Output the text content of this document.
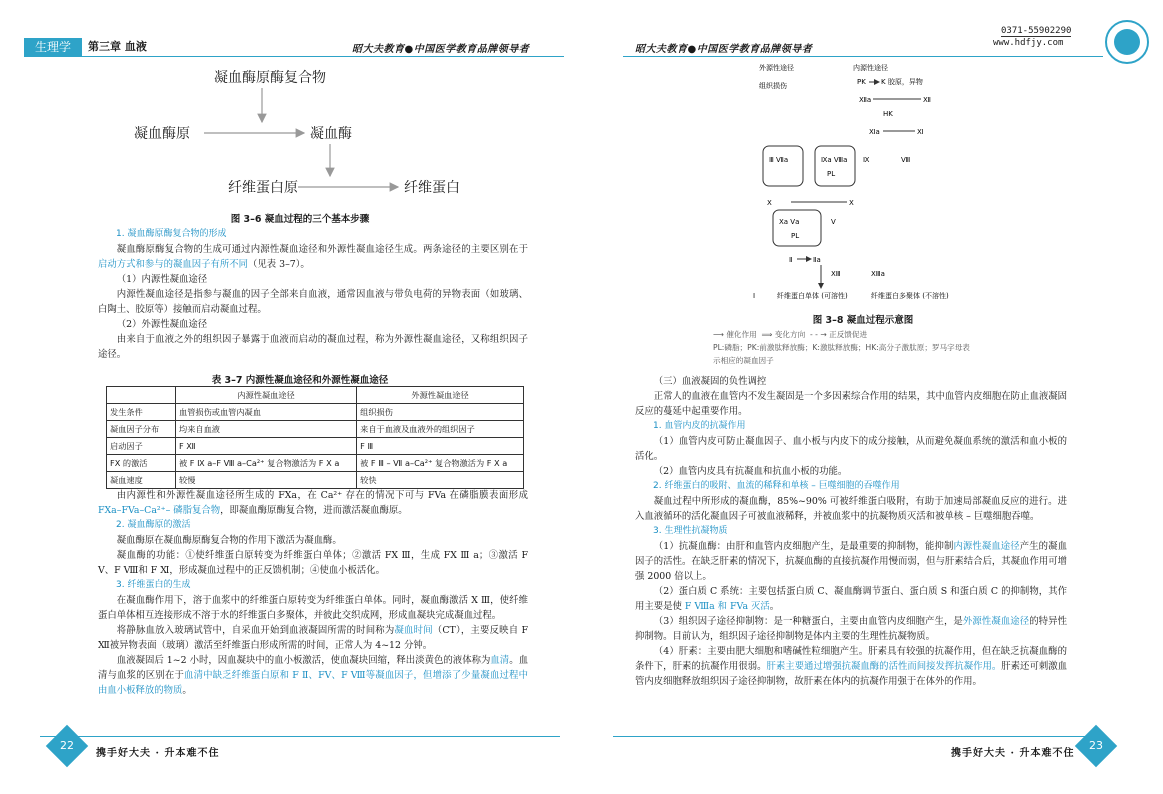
生理学	第三章 血液	昭大夫教育●中国医学教育品牌领导者
凝血酶原酶复合物
凝血酶原	凝血酶
纤维蛋白原	纤维蛋白
图 3–6 凝血过程的三个基本步骤

1. 凝血酶原酶复合物的形成

凝血酶原酶复合物的生成可通过内源性凝血途径和外源性凝血途径生成。两条途径的主要区别在于启动方式和参与的凝血因子有所不同（见表 3–7）。

（1）内源性凝血途径

内源性凝血途径是指参与凝血的因子全部来自血液，通常因血液与带负电荷的异物表面（如玻璃、白陶土、胶原等）接触而启动凝血过程。

（2）外源性凝血途径

由来自于血液之外的组织因子暴露于血液而启动的凝血过程，称为外源性凝血途径，又称组织因子途径。

表 3–7 内源性凝血途径和外源性凝血途径
	内源性凝血途径	外源性凝血途径
发生条件	血管损伤或血管内凝血	组织损伤
凝血因子分布	均来自血液	来自于血液及血液外的组织因子
启动因子	F Ⅻ	F Ⅲ
FX 的激活	被 F Ⅸ a–F Ⅷ a–Ca²⁺ 复合物激活为 F Ⅹ a	被 F Ⅲ – Ⅶ a–Ca²⁺ 复合物激活为 F Ⅹ a
凝血速度	较慢	较快

由内源性和外源性凝血途径所生成的 FXa，在 Ca²⁺ 存在的情况下可与 FVa 在磷脂膜表面形成 FXa–FVa–Ca²⁺– 磷脂复合物，即凝血酶原酶复合物，进而激活凝血酶原。

2. 凝血酶原的激活

凝血酶原在凝血酶原酶复合物的作用下激活为凝血酶。

凝血酶的功能：①使纤维蛋白原转变为纤维蛋白单体；②激活 FX Ⅲ，生成 FX Ⅲ a；③激活 F Ⅴ、F Ⅷ和 F Ⅺ，形成凝血过程中的正反馈机制；④使血小板活化。

3. 纤维蛋白的生成

在凝血酶作用下，溶于血浆中的纤维蛋白原转变为纤维蛋白单体。同时，凝血酶激活 X Ⅲ，使纤维蛋白单体相互连接形成不溶于水的纤维蛋白多聚体，并彼此交织成网，形成血凝块完成凝血过程。

将静脉血放入玻璃试管中，自采血开始到血液凝固所需的时间称为凝血时间（CT），主要反映自 F Ⅻ被异物表面（玻璃）激活至纤维蛋白形成所需的时间，正常人为 4~12 分钟。

血液凝固后 1~2 小时，因血凝块中的血小板激活，使血凝块回缩，释出淡黄色的液体称为血清。血清与血浆的区别在于血清中缺乏纤维蛋白原和 F Ⅱ、FV、F Ⅷ等凝血因子，但增添了少量凝血过程中由血小板释放的物质。

22
携手好大夫 · 升本难不住
昭大夫教育●中国医学教育品牌领导者
0371-55902290
www.hdfjy.com
外源性途径
组织损伤
内源性途径
PK K 胶原，异物
Ⅻa	Ⅻ
HK
Ⅺa	Ⅺ
Ⅲ Ⅶa	Ⅸa Ⅷa
PL
Ⅸ	Ⅷ
X	X
Ⅹa Ⅴa
PL
Ⅴ
Ⅱ	Ⅱa
I	纤维蛋白单体 (可溶性)	纤维蛋白多聚体 (不溶性)
ⅩⅢ	ⅩⅢa
图 3–8 凝血过程示意图
⟶ 催化作用 ⟹ 变化方向 - - → 正反馈促进
PL:磷脂；PK:前激肽释放酶；K:激肽释放酶；HK:高分子激肽原；罗马字母表
示相应的凝血因子

（三）血液凝固的负性调控

正常人的血液在血管内不发生凝固是一个多因素综合作用的结果，其中血管内皮细胞在防止血液凝固反应的蔓延中起重要作用。

1. 血管内皮的抗凝作用

（1）血管内皮可防止凝血因子、血小板与内皮下的成分接触，从而避免凝血系统的激活和血小板的活化。

（2）血管内皮具有抗凝血和抗血小板的功能。

2. 纤维蛋白的吸附、血流的稀释和单核 – 巨噬细胞的吞噬作用

凝血过程中所形成的凝血酶，85%~90% 可被纤维蛋白吸附，有助于加速局部凝血反应的进行。进入血液循环的活化凝血因子可被血液稀释，并被血浆中的抗凝物质灭活和被单核 – 巨噬细胞吞噬。

3. 生理性抗凝物质

（1）抗凝血酶：由肝和血管内皮细胞产生，是最重要的抑制物，能抑制内源性凝血途径产生的凝血因子的活性。在缺乏肝素的情况下，抗凝血酶的直接抗凝作用慢而弱，但与肝素结合后，其凝血作用可增强 2000 倍以上。

（2）蛋白质 C 系统：主要包括蛋白质 C、凝血酶调节蛋白、蛋白质 S 和蛋白质 C 的抑制物，其作用主要是使 F Ⅷa 和 FVa 灭活。

（3）组织因子途径抑制物：是一种糖蛋白，主要由血管内皮细胞产生，是外源性凝血途径的特异性抑制物。目前认为，组织因子途径抑制物是体内主要的生理性抗凝物质。

（4）肝素：主要由肥大细胞和嗜碱性粒细胞产生。肝素具有较强的抗凝作用，但在缺乏抗凝血酶的条件下，肝素的抗凝作用很弱。肝素主要通过增强抗凝血酶的活性而间接发挥抗凝作用。肝素还可刺激血管内皮细胞释放组织因子途径抑制物，故肝素在体内的抗凝作用强于在体外的作用。

携手好大夫 · 升本难不住
23
